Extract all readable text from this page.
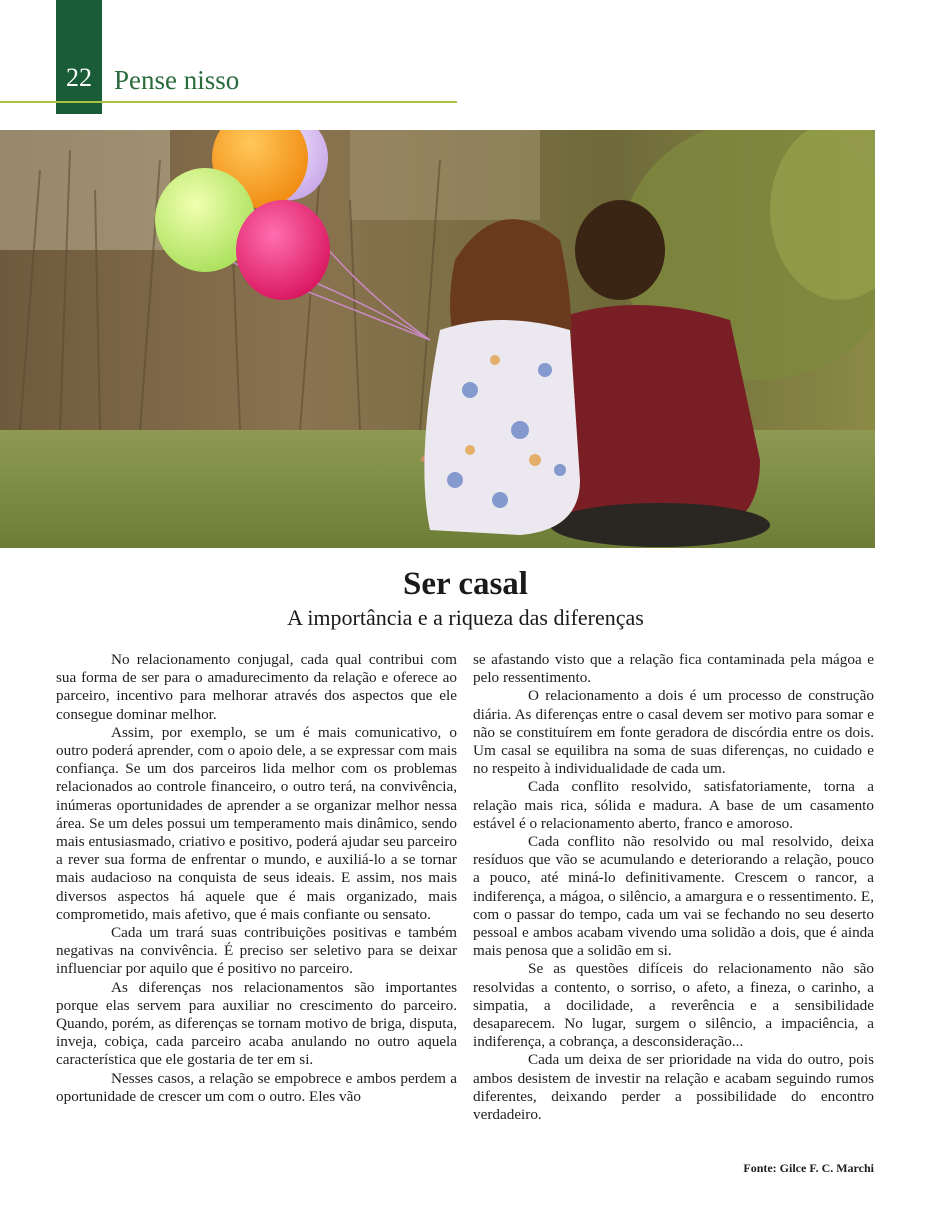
22 Pense nisso
Ser casal
A importância e a riqueza das diferenças

No relacionamento conjugal, cada qual contribui com sua forma de ser para o amadurecimento da relação e oferece ao parceiro, incentivo para melhorar através dos aspectos que ele consegue dominar melhor.

Assim, por exemplo, se um é mais comunicativo, o outro poderá aprender, com o apoio dele, a se expressar com mais confiança. Se um dos parceiros lida melhor com os problemas relacionados ao controle financeiro, o outro terá, na convivência, inúmeras oportunidades de aprender a se organizar melhor nessa área. Se um deles possui um temperamento mais dinâmico, sendo mais entusiasmado, criativo e positivo, poderá ajudar seu parceiro a rever sua forma de enfrentar o mundo, e auxiliá-lo a se tornar mais audacioso na conquista de seus ideais. E assim, nos mais diversos aspectos há aquele que é mais organizado, mais comprometido, mais afetivo, que é mais confiante ou sensato.

Cada um trará suas contribuições positivas e também negativas na convivência. É preciso ser seletivo para se deixar influenciar por aquilo que é positivo no parceiro.

As diferenças nos relacionamentos são importantes porque elas servem para auxiliar no crescimento do parceiro. Quando, porém, as diferenças se tornam motivo de briga, disputa, inveja, cobiça, cada parceiro acaba anulando no outro aquela característica que ele gostaria de ter em si.

Nesses casos, a relação se empobrece e ambos perdem a oportunidade de crescer um com o outro. Eles vão

se afastando visto que a relação fica contaminada pela mágoa e pelo ressentimento.

O relacionamento a dois é um processo de construção diária. As diferenças entre o casal devem ser motivo para somar e não se constituírem em fonte geradora de discórdia entre os dois. Um casal se equilibra na soma de suas diferenças, no cuidado e no respeito à individualidade de cada um.

Cada conflito resolvido, satisfatoriamente, torna a relação mais rica, sólida e madura. A base de um casamento estável é o relacionamento aberto, franco e amoroso.

Cada conflito não resolvido ou mal resolvido, deixa resíduos que vão se acumulando e deteriorando a relação, pouco a pouco, até miná-lo definitivamente. Crescem o rancor, a indiferença, a mágoa, o silêncio, a amargura e o ressentimento. E, com o passar do tempo, cada um vai se fechando no seu deserto pessoal e ambos acabam vivendo uma solidão a dois, que é ainda mais penosa que a solidão em si.

Se as questões difíceis do relacionamento não são resolvidas a contento, o sorriso, o afeto, a fineza, o carinho, a simpatia, a docilidade, a reverência e a sensibilidade desaparecem. No lugar, surgem o silêncio, a impaciência, a indiferença, a cobrança, a desconsideração...

Cada um deixa de ser prioridade na vida do outro, pois ambos desistem de investir na relação e acabam seguindo rumos diferentes, deixando perder a possibilidade do encontro verdadeiro.

Fonte: Gilce F. C. Marchi
